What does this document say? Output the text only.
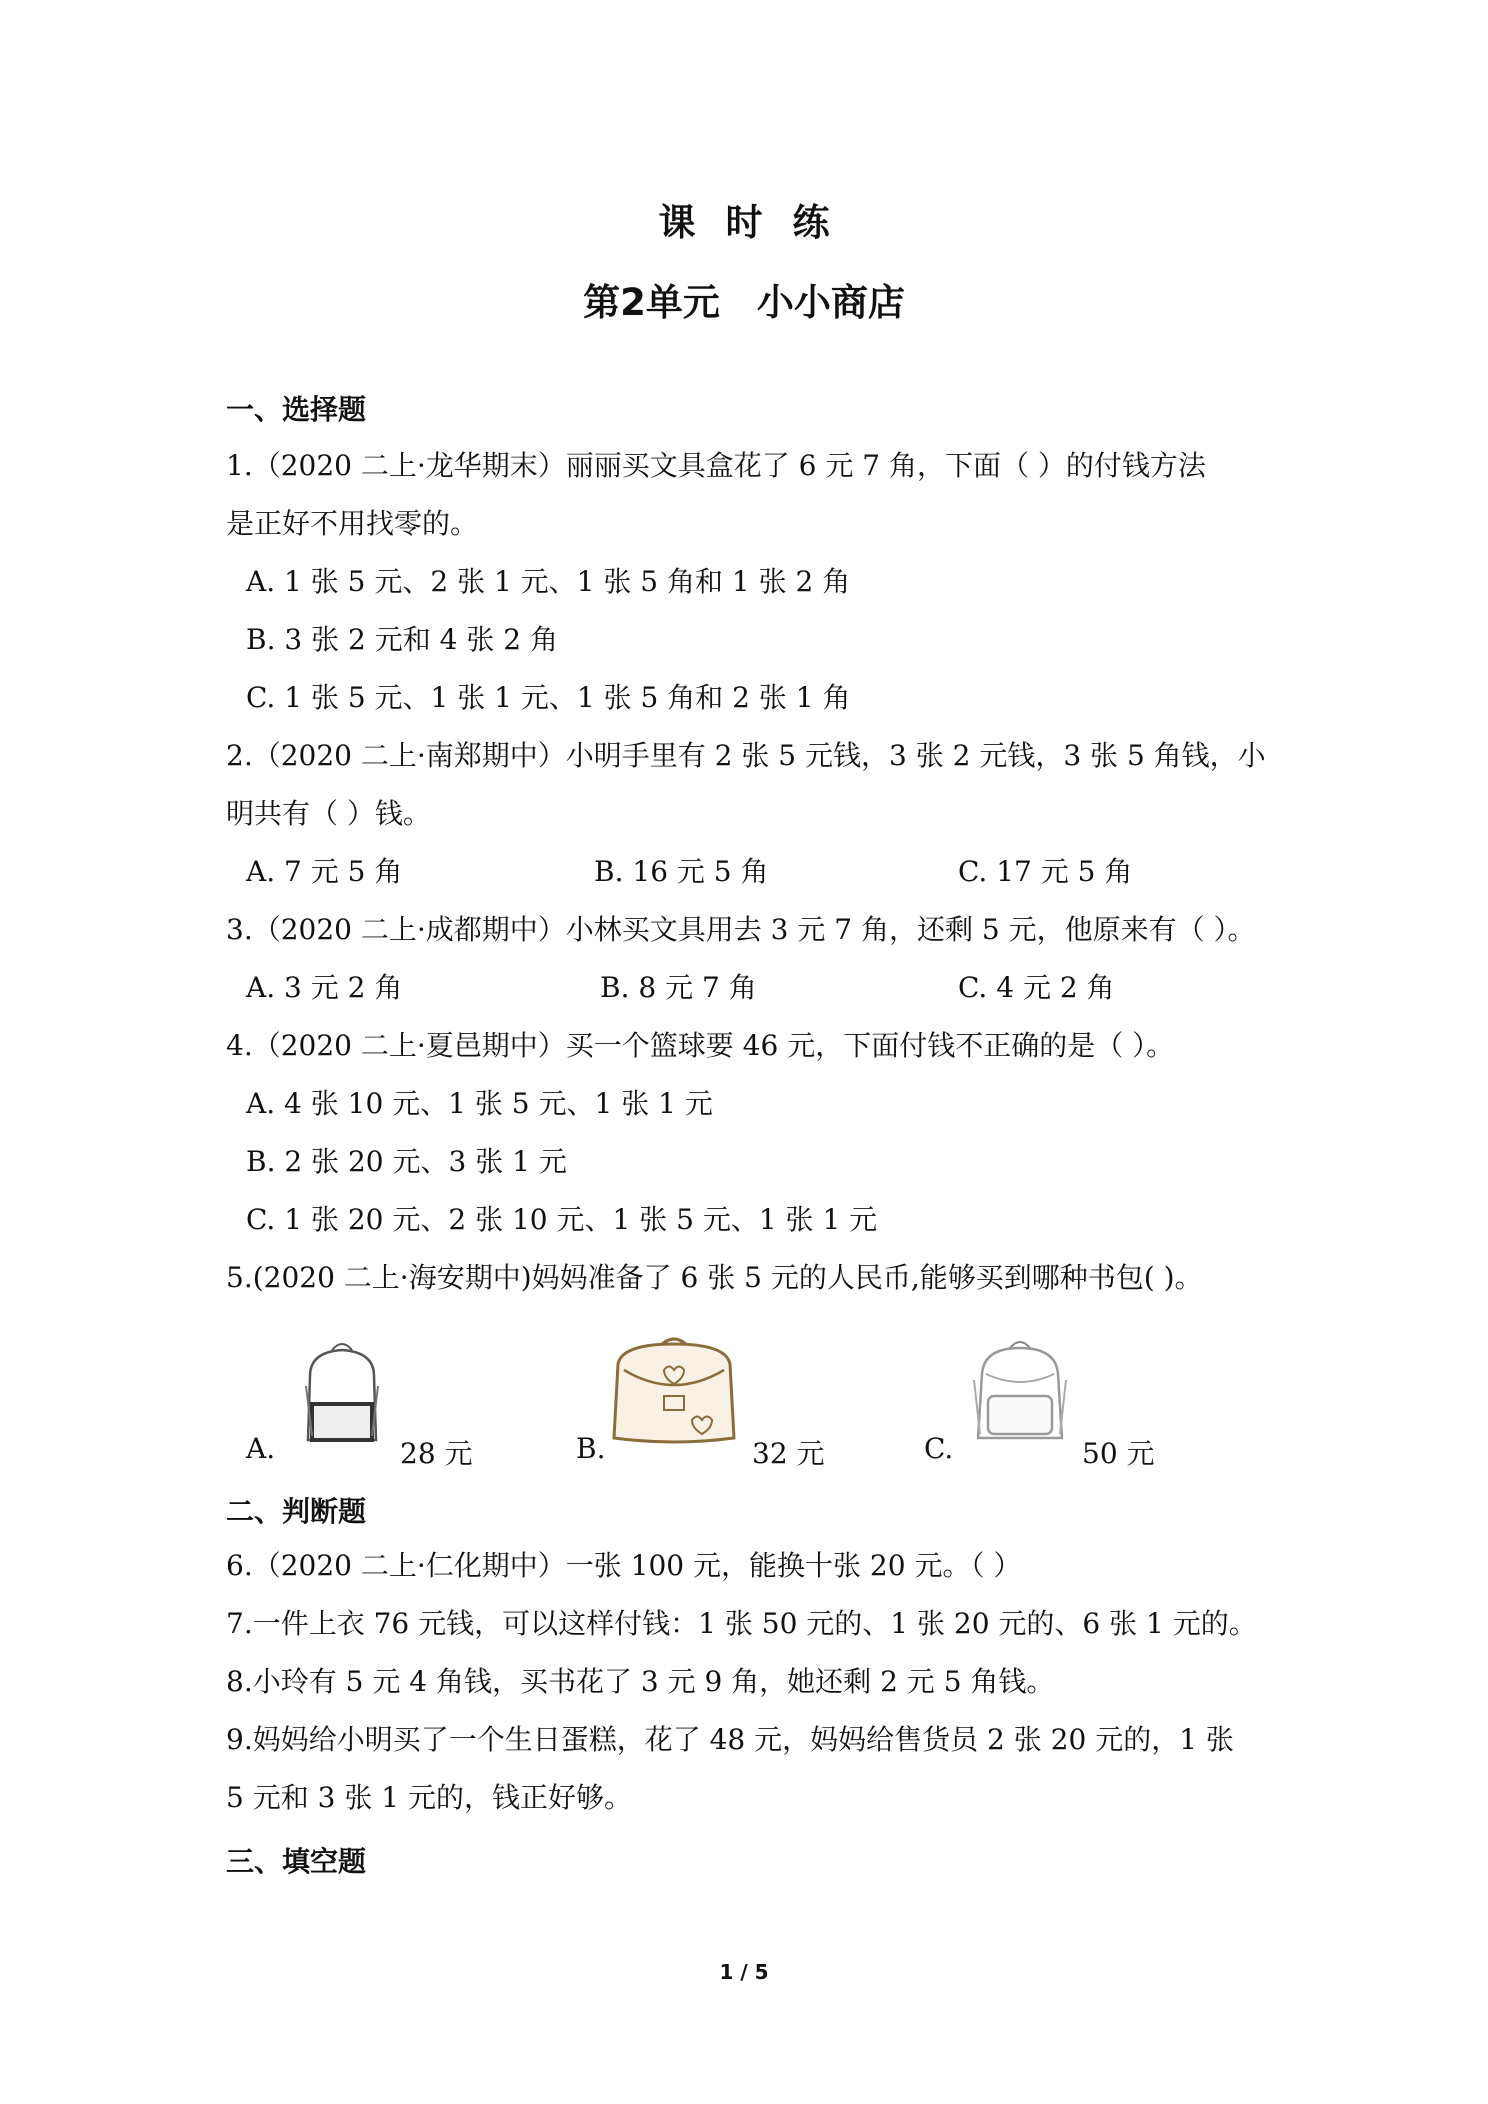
课时练
第2单元　小小商店
一、选择题
1.（2020 二上·龙华期末）丽丽买文具盒花了 6 元 7 角，下面（ ）的付钱方法
是正好不用找零的。
A. 1 张 5 元、2 张 1 元、1 张 5 角和 1 张 2 角
B. 3 张 2 元和 4 张 2 角
C. 1 张 5 元、1 张 1 元、1 张 5 角和 2 张 1 角
2.（2020 二上·南郑期中）小明手里有 2 张 5 元钱，3 张 2 元钱，3 张 5 角钱，小
明共有（ ）钱。
A. 7 元 5 角	B. 16 元 5 角	C. 17 元 5 角
3.（2020 二上·成都期中）小林买文具用去 3 元 7 角，还剩 5 元，他原来有（ ）。
A. 3 元 2 角	B. 8 元 7 角	C. 4 元 2 角
4.（2020 二上·夏邑期中）买一个篮球要 46 元，下面付钱不正确的是（ ）。
A. 4 张 10 元、1 张 5 元、1 张 1 元
B. 2 张 20 元、3 张 1 元
C. 1 张 20 元、2 张 10 元、1 张 5 元、1 张 1 元
5.(2020 二上·海安期中)妈妈准备了 6 张 5 元的人民币,能够买到哪种书包( )。
A.	28 元	B.	32 元	C.	50 元
二、判断题
6.（2020 二上·仁化期中）一张 100 元，能换十张 20 元。（ ）
7.一件上衣 76 元钱，可以这样付钱：1 张 50 元的、1 张 20 元的、6 张 1 元的。
8.小玲有 5 元 4 角钱，买书花了 3 元 9 角，她还剩 2 元 5 角钱。
9.妈妈给小明买了一个生日蛋糕，花了 48 元，妈妈给售货员 2 张 20 元的，1 张
5 元和 3 张 1 元的，钱正好够。
三、填空题
1 / 5
